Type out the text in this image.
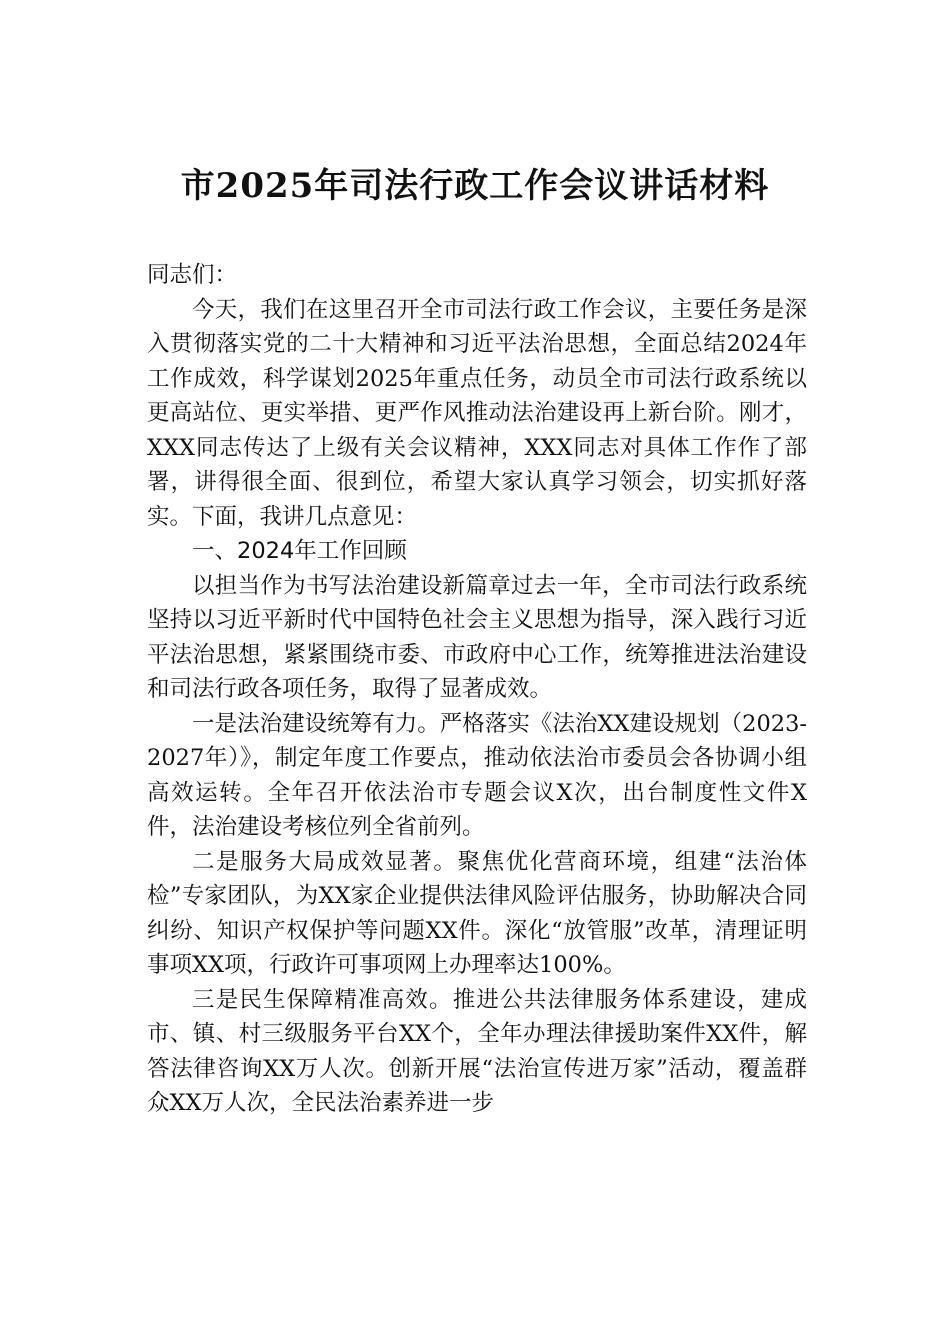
市2025年司法行政工作会议讲话材料

同志们：

今天，我们在这里召开全市司法行政工作会议，主要任务是深入贯彻落实党的二十大精神和习近平法治思想，全面总结2024年工作成效，科学谋划2025年重点任务，动员全市司法行政系统以更高站位、更实举措、更严作风推动法治建设再上新台阶。刚才，XXX同志传达了上级有关会议精神，XXX同志对具体工作作了部署，讲得很全面、很到位，希望大家认真学习领会，切实抓好落实。下面，我讲几点意见：

一、2024年工作回顾

以担当作为书写法治建设新篇章过去一年，全市司法行政系统坚持以习近平新时代中国特色社会主义思想为指导，深入践行习近平法治思想，紧紧围绕市委、市政府中心工作，统筹推进法治建设和司法行政各项任务，取得了显著成效。

一是法治建设统筹有力。严格落实《法治XX建设规划（2023-2027年）》，制定年度工作要点，推动依法治市委员会各协调小组高效运转。全年召开依法治市专题会议X次，出台制度性文件X件，法治建设考核位列全省前列。

二是服务大局成效显著。聚焦优化营商环境，组建“法治体检”专家团队，为XX家企业提供法律风险评估服务，协助解决合同纠纷、知识产权保护等问题XX件。深化“放管服”改革，清理证明事项XX项，行政许可事项网上办理率达100%。

三是民生保障精准高效。推进公共法律服务体系建设，建成市、镇、村三级服务平台XX个，全年办理法律援助案件XX件，解答法律咨询XX万人次。创新开展“法治宣传进万家”活动，覆盖群众XX万人次，全民法治素养进一步
